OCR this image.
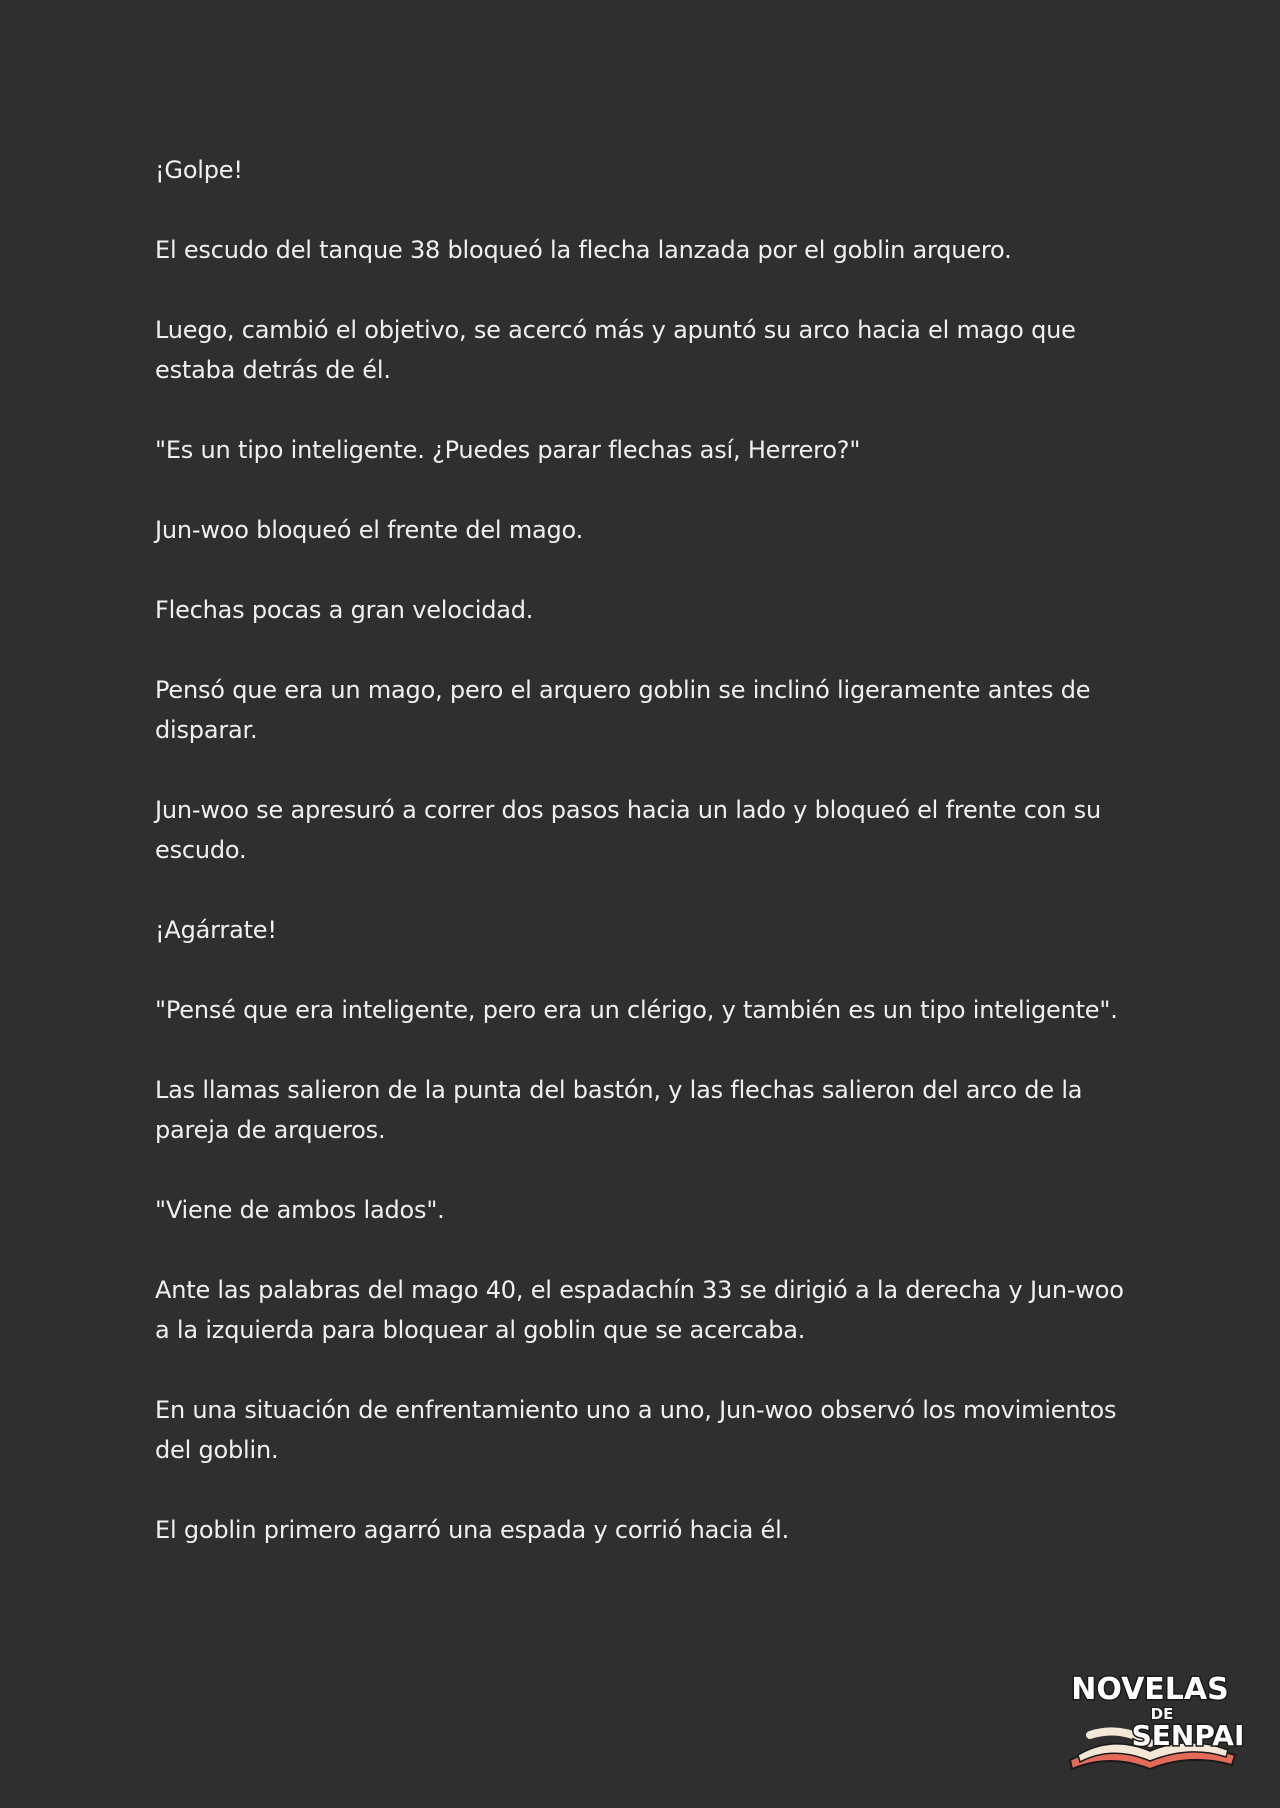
¡Golpe!

El escudo del tanque 38 bloqueó la flecha lanzada por el goblin arquero.

Luego, cambió el objetivo, se acercó más y apuntó su arco hacia el mago que estaba detrás de él.

"Es un tipo inteligente. ¿Puedes parar flechas así, Herrero?"

Jun-woo bloqueó el frente del mago.

Flechas pocas a gran velocidad.

Pensó que era un mago, pero el arquero goblin se inclinó ligeramente antes de disparar.

Jun-woo se apresuró a correr dos pasos hacia un lado y bloqueó el frente con su escudo.

¡Agárrate!

"Pensé que era inteligente, pero era un clérigo, y también es un tipo inteligente".

Las llamas salieron de la punta del bastón, y las flechas salieron del arco de la pareja de arqueros.

"Viene de ambos lados".

Ante las palabras del mago 40, el espadachín 33 se dirigió a la derecha y Jun-woo a la izquierda para bloquear al goblin que se acercaba.

En una situación de enfrentamiento uno a uno, Jun-woo observó los movimientos del goblin.

El goblin primero agarró una espada y corrió hacia él.

NOVELAS
DE
SENPAI
